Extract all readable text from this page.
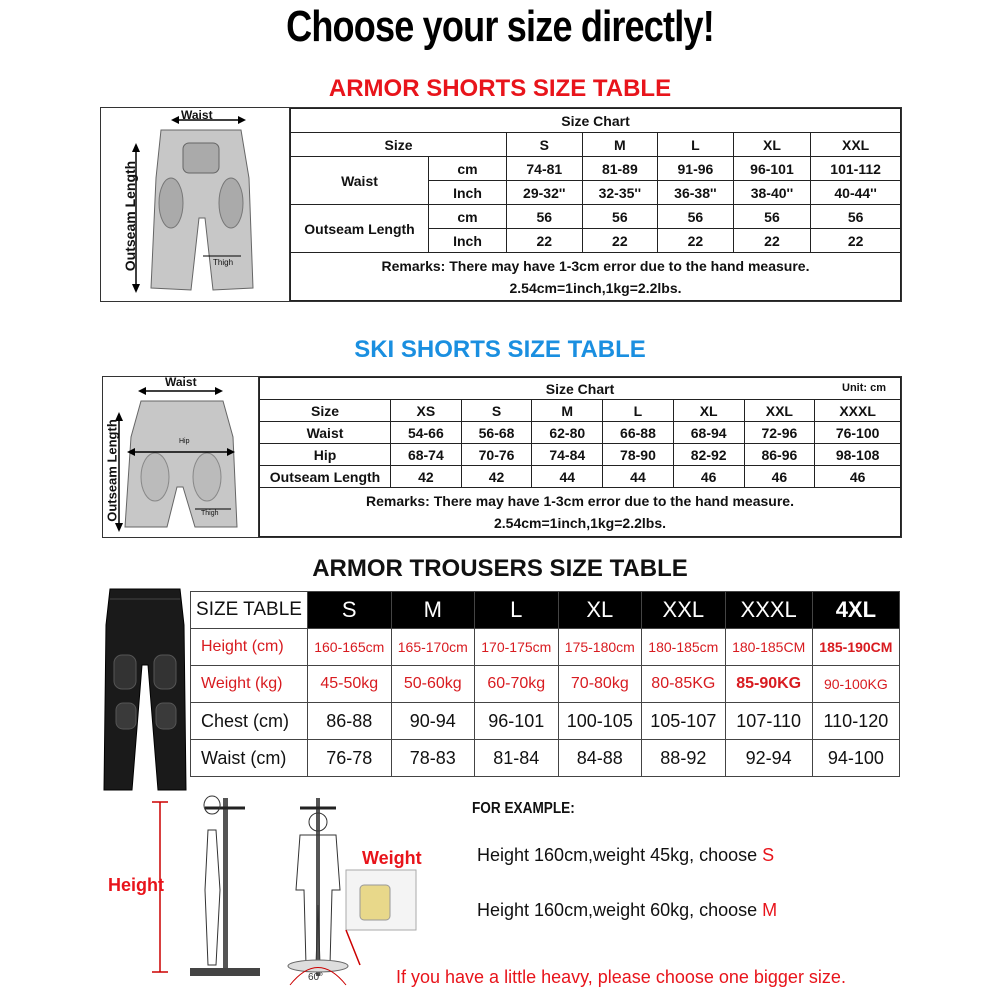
Choose your size directly!
ARMOR SHORTS SIZE TABLE
Waist
Outseam Length	Thigh
Size Chart						
Size		S	M	L	XL	XXL
Waist	cm	74-81	81-89	91-96	96-101	101-112
	Inch	29-32''	32-35''	36-38''	38-40''	40-44''
Outseam Length	cm	56	56	56	56	56
	Inch	22	22	22	22	22

Remarks: There may have 1-3cm error due to the hand measure.
2.54cm=1inch,1kg=2.2lbs.						
SKI SHORTS SIZE TABLE
Waist
Hip
Thigh
Outseam Length
Size Chart Unit: cm							

Size	XS	S	M	L	XL	XXL	XXXL
Waist	54-66	56-68	62-80	66-88	68-94	72-96	76-100
Hip	68-74	70-76	74-84	78-90	82-92	86-96	98-108
Outseam Length	42	42	44	44	46	46	46

Remarks: There may have 1-3cm error due to the hand measure.
2.54cm=1inch,1kg=2.2lbs.							
ARMOR TROUSERS SIZE TABLE
SIZE TABLE	S	M	L	XL	XXL	XXXL	4XL
Height (cm)	160-165cm	165-170cm	170-175cm	175-180cm	180-185cm	180-185CM	185-190CM
Weight (kg)	45-50kg	50-60kg	60-70kg	70-80kg	80-85KG	85-90KG	90-100KG
Chest (cm)	86-88	90-94	96-101	100-105	105-107	107-110	110-120
Waist (cm)	76-78	78-83	81-84	84-88	88-92	92-94	94-100
Height
Weight
60°
FOR EXAMPLE:
Height 160cm,weight 45kg, choose S
Height 160cm,weight 60kg, choose M
If you have a little heavy, please choose one bigger size.
